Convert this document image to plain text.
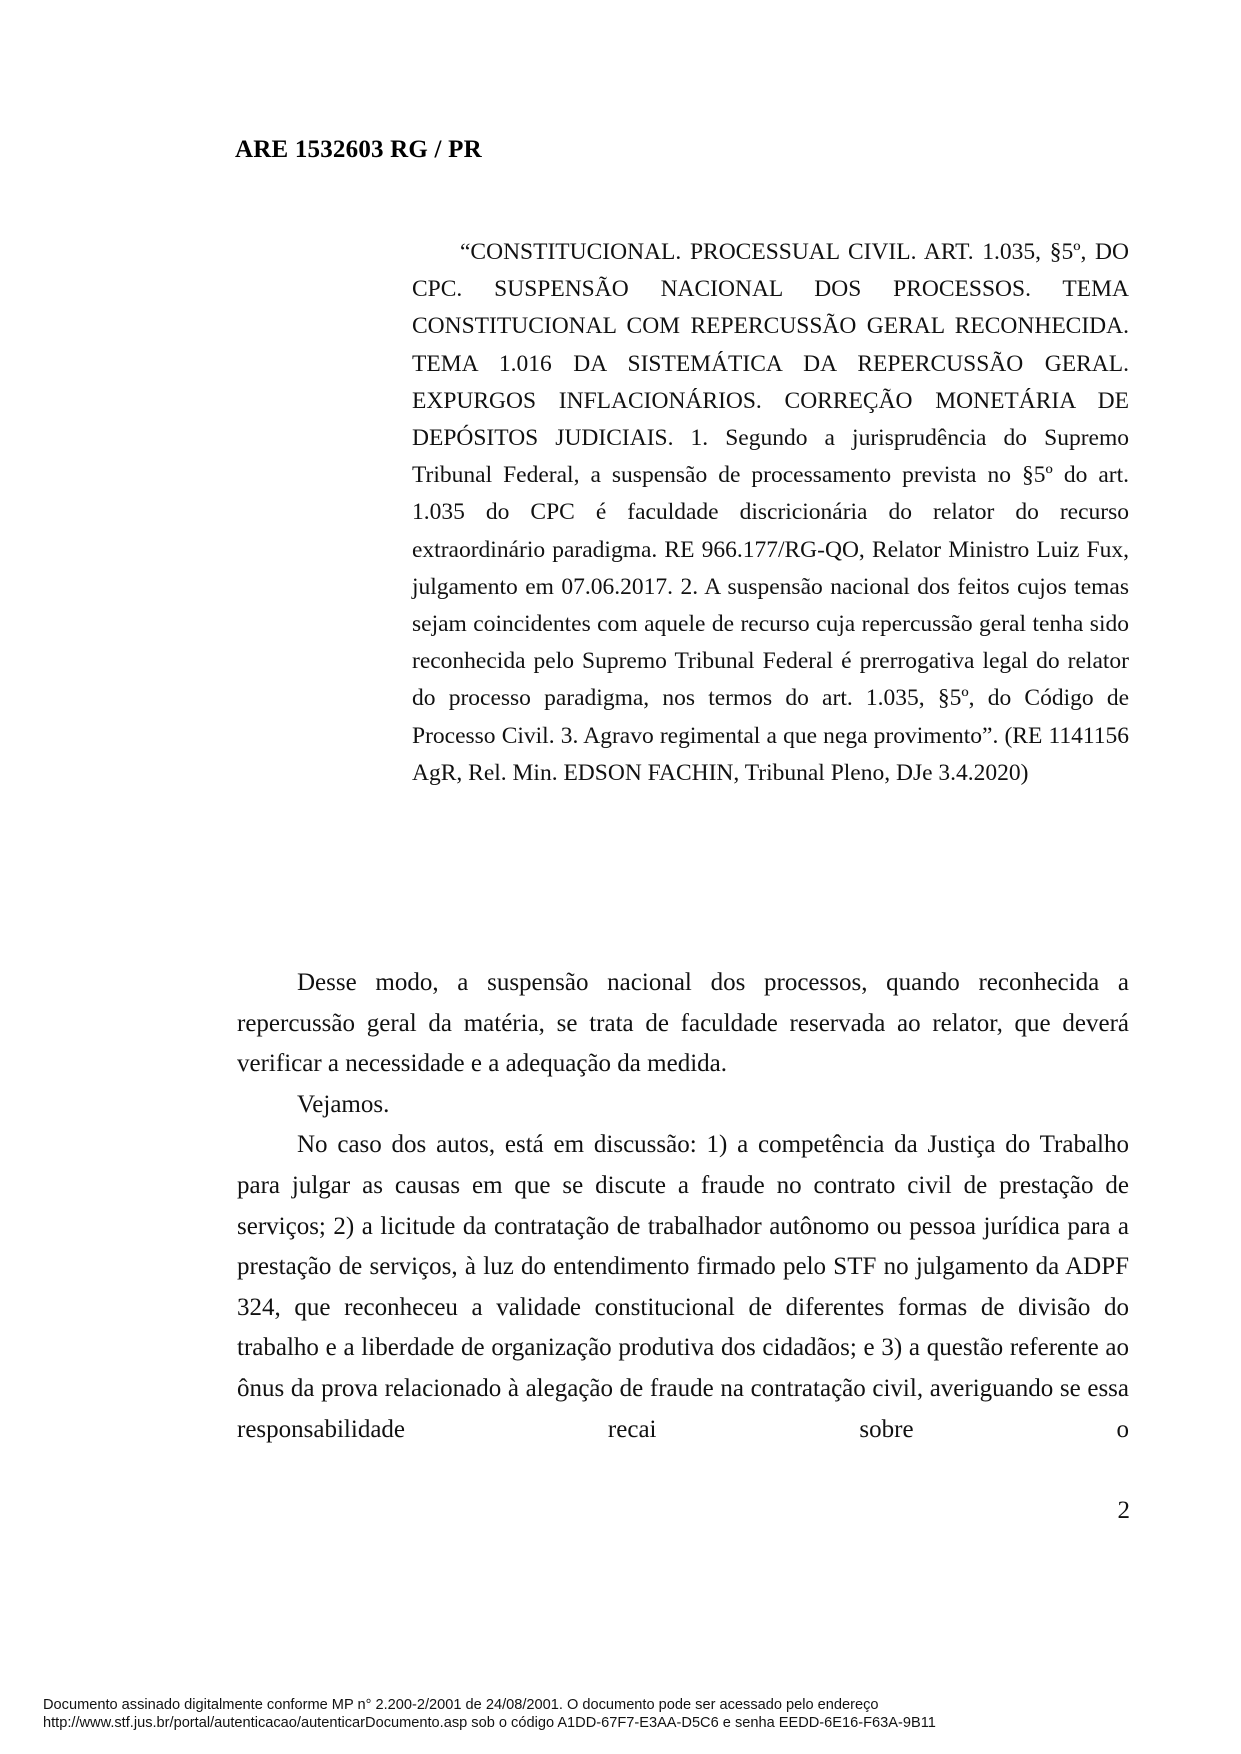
ARE 1532603 RG / PR

“CONSTITUCIONAL. PROCESSUAL CIVIL. ART. 1.035, §5º, DO CPC. SUSPENSÃO NACIONAL DOS PROCESSOS. TEMA CONSTITUCIONAL COM REPERCUSSÃO GERAL RECONHECIDA. TEMA 1.016 DA SISTEMÁTICA DA REPERCUSSÃO GERAL. EXPURGOS INFLACIONÁRIOS. CORREÇÃO MONETÁRIA DE DEPÓSITOS JUDICIAIS. 1. Segundo a jurisprudência do Supremo Tribunal Federal, a suspensão de processamento prevista no §5º do art. 1.035 do CPC é faculdade discricionária do relator do recurso extraordinário paradigma. RE 966.177/RG-QO, Relator Ministro Luiz Fux, julgamento em 07.06.2017. 2. A suspensão nacional dos feitos cujos temas sejam coincidentes com aquele de recurso cuja repercussão geral tenha sido reconhecida pelo Supremo Tribunal Federal é prerrogativa legal do relator do processo paradigma, nos termos do art. 1.035, §5º, do Código de Processo Civil. 3. Agravo regimental a que nega provimento”. (RE 1141156 AgR, Rel. Min. EDSON FACHIN, Tribunal Pleno, DJe 3.4.2020)

Desse modo, a suspensão nacional dos processos, quando reconhecida a repercussão geral da matéria, se trata de faculdade reservada ao relator, que deverá verificar a necessidade e a adequação da medida.

Vejamos.

No caso dos autos, está em discussão: 1) a competência da Justiça do Trabalho para julgar as causas em que se discute a fraude no contrato civil de prestação de serviços; 2) a licitude da contratação de trabalhador autônomo ou pessoa jurídica para a prestação de serviços, à luz do entendimento firmado pelo STF no julgamento da ADPF 324, que reconheceu a validade constitucional de diferentes formas de divisão do trabalho e a liberdade de organização produtiva dos cidadãos; e 3) a questão referente ao ônus da prova relacionado à alegação de fraude na contratação civil, averiguando se essa responsabilidade recai sobre o

2
Documento assinado digitalmente conforme MP n° 2.200-2/2001 de 24/08/2001. O documento pode ser acessado pelo endereço
http://www.stf.jus.br/portal/autenticacao/autenticarDocumento.asp sob o código A1DD-67F7-E3AA-D5C6 e senha EEDD-6E16-F63A-9B11
